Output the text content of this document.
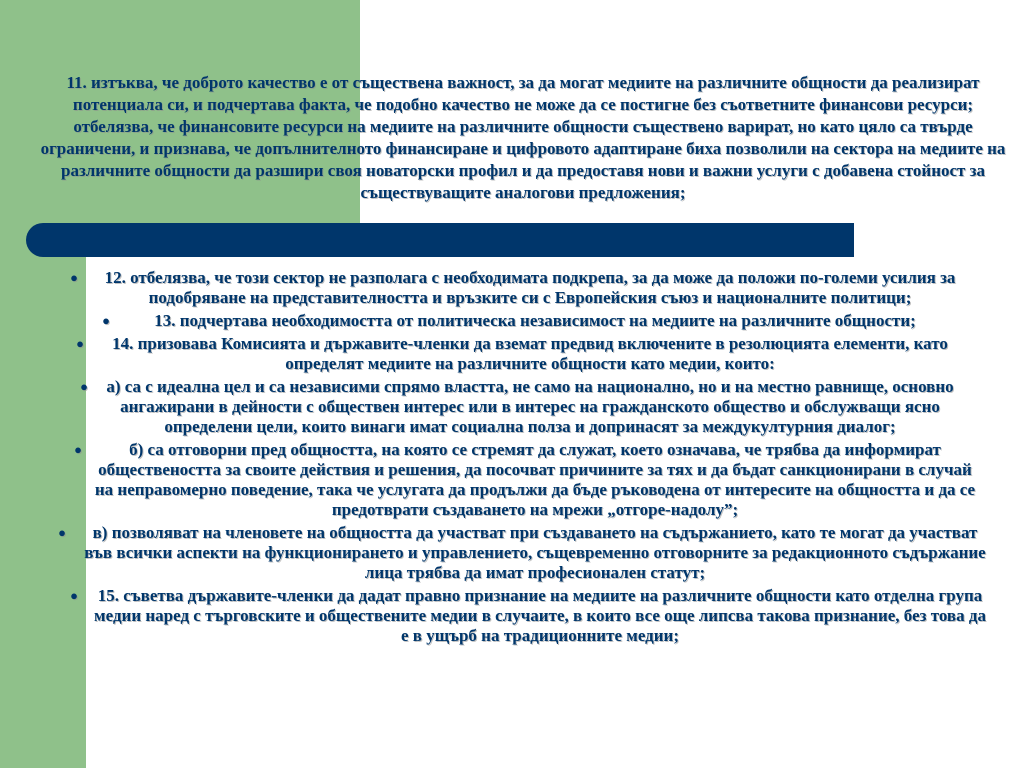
11. изтъква, че доброто качество е от съществена важност, за да могат медиите на различните общности да реализират потенциала си, и подчертава факта, че подобно качество не може да се постигне без съответните финансови ресурси; отбелязва, че финансовите ресурси на медиите на различните общности съществено варират, но като цяло са твърде ограничени, и признава, че допълнителното финансиране и цифровото адаптиране биха позволили на сектора на медиите на различните общности да разшири своя новаторски профил и да предоставя нови и важни услуги с добавена стойност за съществуващите аналогови предложения;
●	12. отбелязва, че този сектор не разполага с необходимата подкрепа, за да може да положи по-големи усилия за подобряване на представителността и връзките си с Европейския съюз и националните политици;
●	13. подчертава необходимостта от политическа независимост на медиите на различните общности;
●	14. призовава Комисията и държавите-членки да вземат предвид включените в резолюцията елементи, като определят медиите на различните общности като медии, които:
●	а) са с идеална цел и са независими спрямо властта, не само на национално, но и на местно равнище, основно ангажирани в дейности с обществен интерес или в интерес на гражданското общество и обслужващи ясно определени цели, които винаги имат социална полза и допринасят за междукултурния диалог;
●	б) са отговорни пред общността, на която се стремят да служат, което означава, че трябва да информират обществеността за своите действия и решения, да посочват причините за тях и да бъдат санкционирани в случай на неправомерно поведение, така че услугата да продължи да бъде ръководена от интересите на общността и да се предотврати създаването на мрежи „отгоре-надолу”;
●	в) позволяват на членовете на общността да участват при създаването на съдържанието, като те могат да участват във всички аспекти на функционирането и управлението, същевременно отговорните за редакционното съдържание лица трябва да имат професионален статут;
●	15. съветва държавите-членки да дадат правно признание на медиите на различните общности като отделна група медии наред с търговските и обществените медии в случаите, в които все още липсва такова признание, без това да е в ущърб на традиционните медии;
